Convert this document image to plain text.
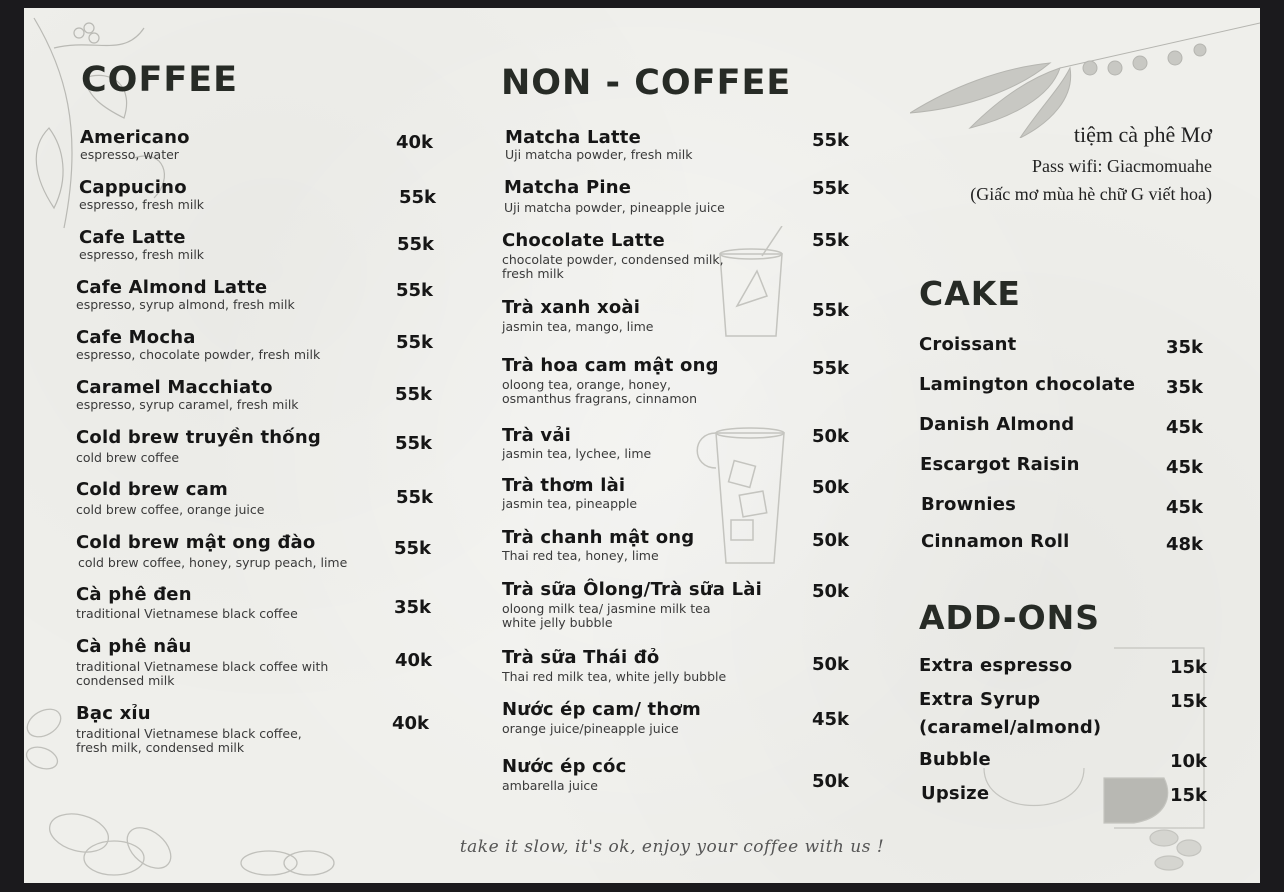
COFFEE
Americano
espresso, water
40k
Cappucino
espresso, fresh milk	55k
Cafe Latte
espresso, fresh milk	55k
Cafe Almond Latte
espresso, syrup almond, fresh milk
55k
Cafe Mocha
espresso, chocolate powder, fresh milk
55k
Caramel Macchiato
espresso, syrup caramel, fresh milk	55k
Cold brew truyền thống
cold brew coffee
55k
Cold brew cam
cold brew coffee, orange juice
55k
Cold brew mật ong đào
cold brew coffee, honey, syrup peach, lime
55k
Cà phê đen
traditional Vietnamese black coffee	35k
Cà phê nâu
traditional Vietnamese black coffee with
condensed milk
40k
Bạc xỉu
traditional Vietnamese black coffee,
fresh milk, condensed milk
40k
NON - COFFEE
Matcha Latte
Uji matcha powder, fresh milk
55k
Matcha Pine
Uji matcha powder, pineapple juice
55k
Chocolate Latte
chocolate powder, condensed milk,
fresh milk
55k
Trà xanh xoài
jasmin tea, mango, lime
55k
Trà hoa cam mật ong
oloong tea, orange, honey,
osmanthus fragrans, cinnamon
55k
Trà vải
jasmin tea, lychee, lime
50k
Trà thơm lài
jasmin tea, pineapple
50k
Trà chanh mật ong
Thai red tea, honey, lime
50k
Trà sữa Ôlong/Trà sữa Lài
oloong milk tea/ jasmine milk tea
white jelly bubble
50k
Trà sữa Thái đỏ
Thai red milk tea, white jelly bubble
50k
Nước ép cam/ thơm
orange juice/pineapple juice	45k
Nước ép cóc
ambarella juice	50k
tiệm cà phê Mơ
Pass wifi: Giacmomuahe
(Giấc mơ mùa hè chữ G viết hoa)
CAKE
Croissant	35k
Lamington chocolate	35k
Danish Almond	45k
Escargot Raisin	45k
Brownies	45k
Cinnamon Roll	48k
ADD-ONS
Extra espresso	15k
Extra Syrup
(caramel/almond)
15k
Bubble	10k
Upsize	15k
take it slow, it's ok, enjoy your coffee with us !
